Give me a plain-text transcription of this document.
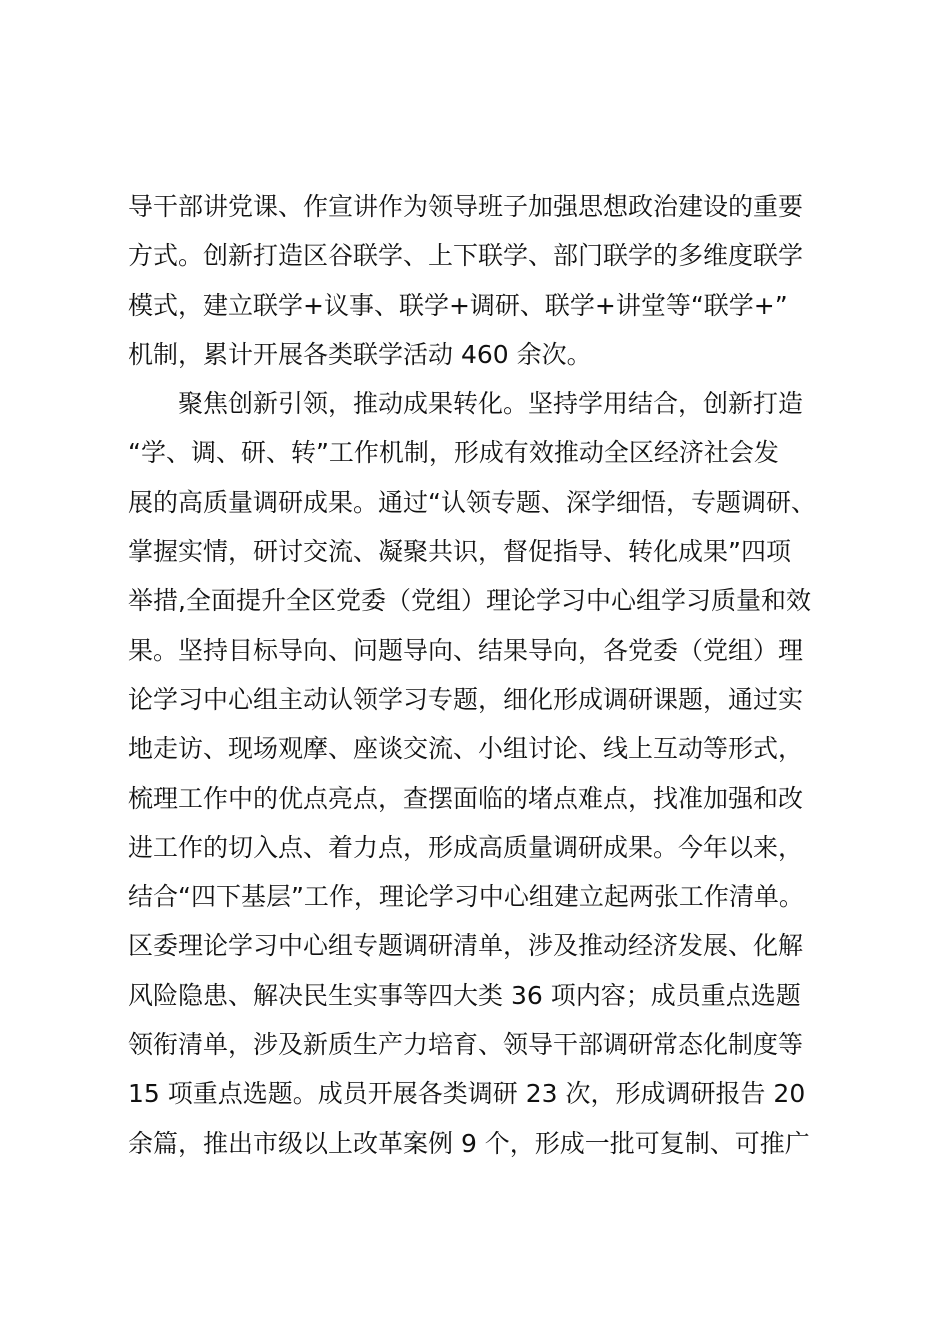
导干部讲党课、作宣讲作为领导班子加强思想政治建设的重要

方式。创新打造区谷联学、上下联学、部门联学的多维度联学

模式，建立联学+议事、联学+调研、联学+讲堂等“联学+”

机制，累计开展各类联学活动 460 余次。

　　聚焦创新引领，推动成果转化。坚持学用结合，创新打造

“学、调、研、转”工作机制，形成有效推动全区经济社会发

展的高质量调研成果。通过“认领专题、深学细悟，专题调研、

掌握实情，研讨交流、凝聚共识，督促指导、转化成果”四项

举措,全面提升全区党委（党组）理论学习中心组学习质量和效

果。坚持目标导向、问题导向、结果导向，各党委（党组）理

论学习中心组主动认领学习专题，细化形成调研课题，通过实

地走访、现场观摩、座谈交流、小组讨论、线上互动等形式，

梳理工作中的优点亮点，查摆面临的堵点难点，找准加强和改

进工作的切入点、着力点，形成高质量调研成果。今年以来，

结合“四下基层”工作，理论学习中心组建立起两张工作清单。

区委理论学习中心组专题调研清单，涉及推动经济发展、化解

风险隐患、解决民生实事等四大类 36 项内容；成员重点选题

领衔清单，涉及新质生产力培育、领导干部调研常态化制度等

15 项重点选题。成员开展各类调研 23 次，形成调研报告 20

余篇，推出市级以上改革案例 9 个，形成一批可复制、可推广
